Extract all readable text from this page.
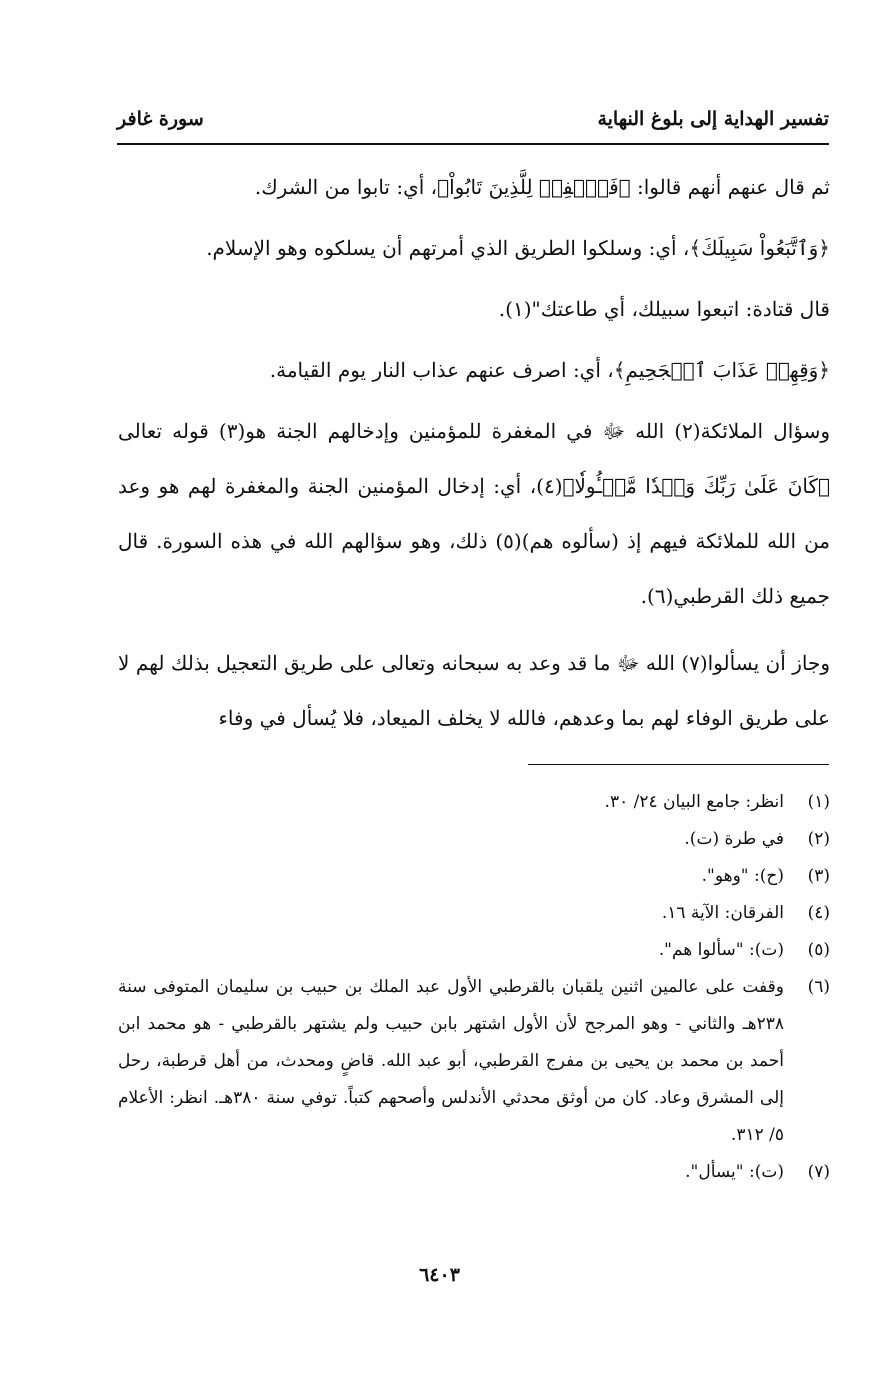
تفسير الهداية إلى بلوغ النهاية
سورة غافر

ثم قال عنهم أنهم قالوا: ﴿فَٱغۡفِرۡ لِلَّذِينَ تَابُواْ﴾، أي: تابوا من الشرك.

﴿وَٱتَّبَعُواْ سَبِيلَكَ﴾، أي: وسلكوا الطريق الذي أمرتهم أن يسلكوه وهو الإسلام.

قال قتادة: اتبعوا سبيلك، أي طاعتك"(١).

﴿وَقِهِمۡ عَذَابَ ٱلۡجَحِيمِ﴾، أي: اصرف عنهم عذاب النار يوم القيامة.

وسؤال الملائكة(٢) الله ﷻ في المغفرة للمؤمنين وإدخالهم الجنة هو(٣) قوله تعالى ﴿كَانَ عَلَىٰ رَبِّكَ وَعۡدٗا مَّسۡـُٔولٗا﴾(٤)، أي: إدخال المؤمنين الجنة والمغفرة لهم هو وعد من الله للملائكة فيهم إذ (سألوه هم)(٥) ذلك، وهو سؤالهم الله في هذه السورة. قال جميع ذلك القرطبي(٦).

وجاز أن يسألوا(٧) الله ﷻ ما قد وعد به سبحانه وتعالى على طريق التعجيل بذلك لهم لا على طريق الوفاء لهم بما وعدهم، فالله لا يخلف الميعاد، فلا يُسأل في وفاء

(١)
انظر: جامع البيان ٢٤/ ٣٠.
(٢)
في طرة (ت).
(٣)
(ح): "وهو".
(٤)
الفرقان: الآية ١٦.
(٥)
(ت): "سألوا هم".
(٦)
وقفت على عالمين اثنين يلقبان بالقرطبي الأول عبد الملك بن حبيب بن سليمان المتوفى سنة ٢٣٨هـ والثاني - وهو المرجح لأن الأول اشتهر بابن حبيب ولم يشتهر بالقرطبي - هو محمد ابن أحمد بن محمد بن يحيى بن مفرج القرطبي، أبو عبد الله. قاضٍ ومحدث، من أهل قرطبة، رحل إلى المشرق وعاد. كان من أوثق محدثي الأندلس وأصحهم كتباً. توفي سنة ٣٨٠هـ. انظر: الأعلام ٥/ ٣١٢.
(٧)
(ت): "يسأل".
٦٤٠٣
